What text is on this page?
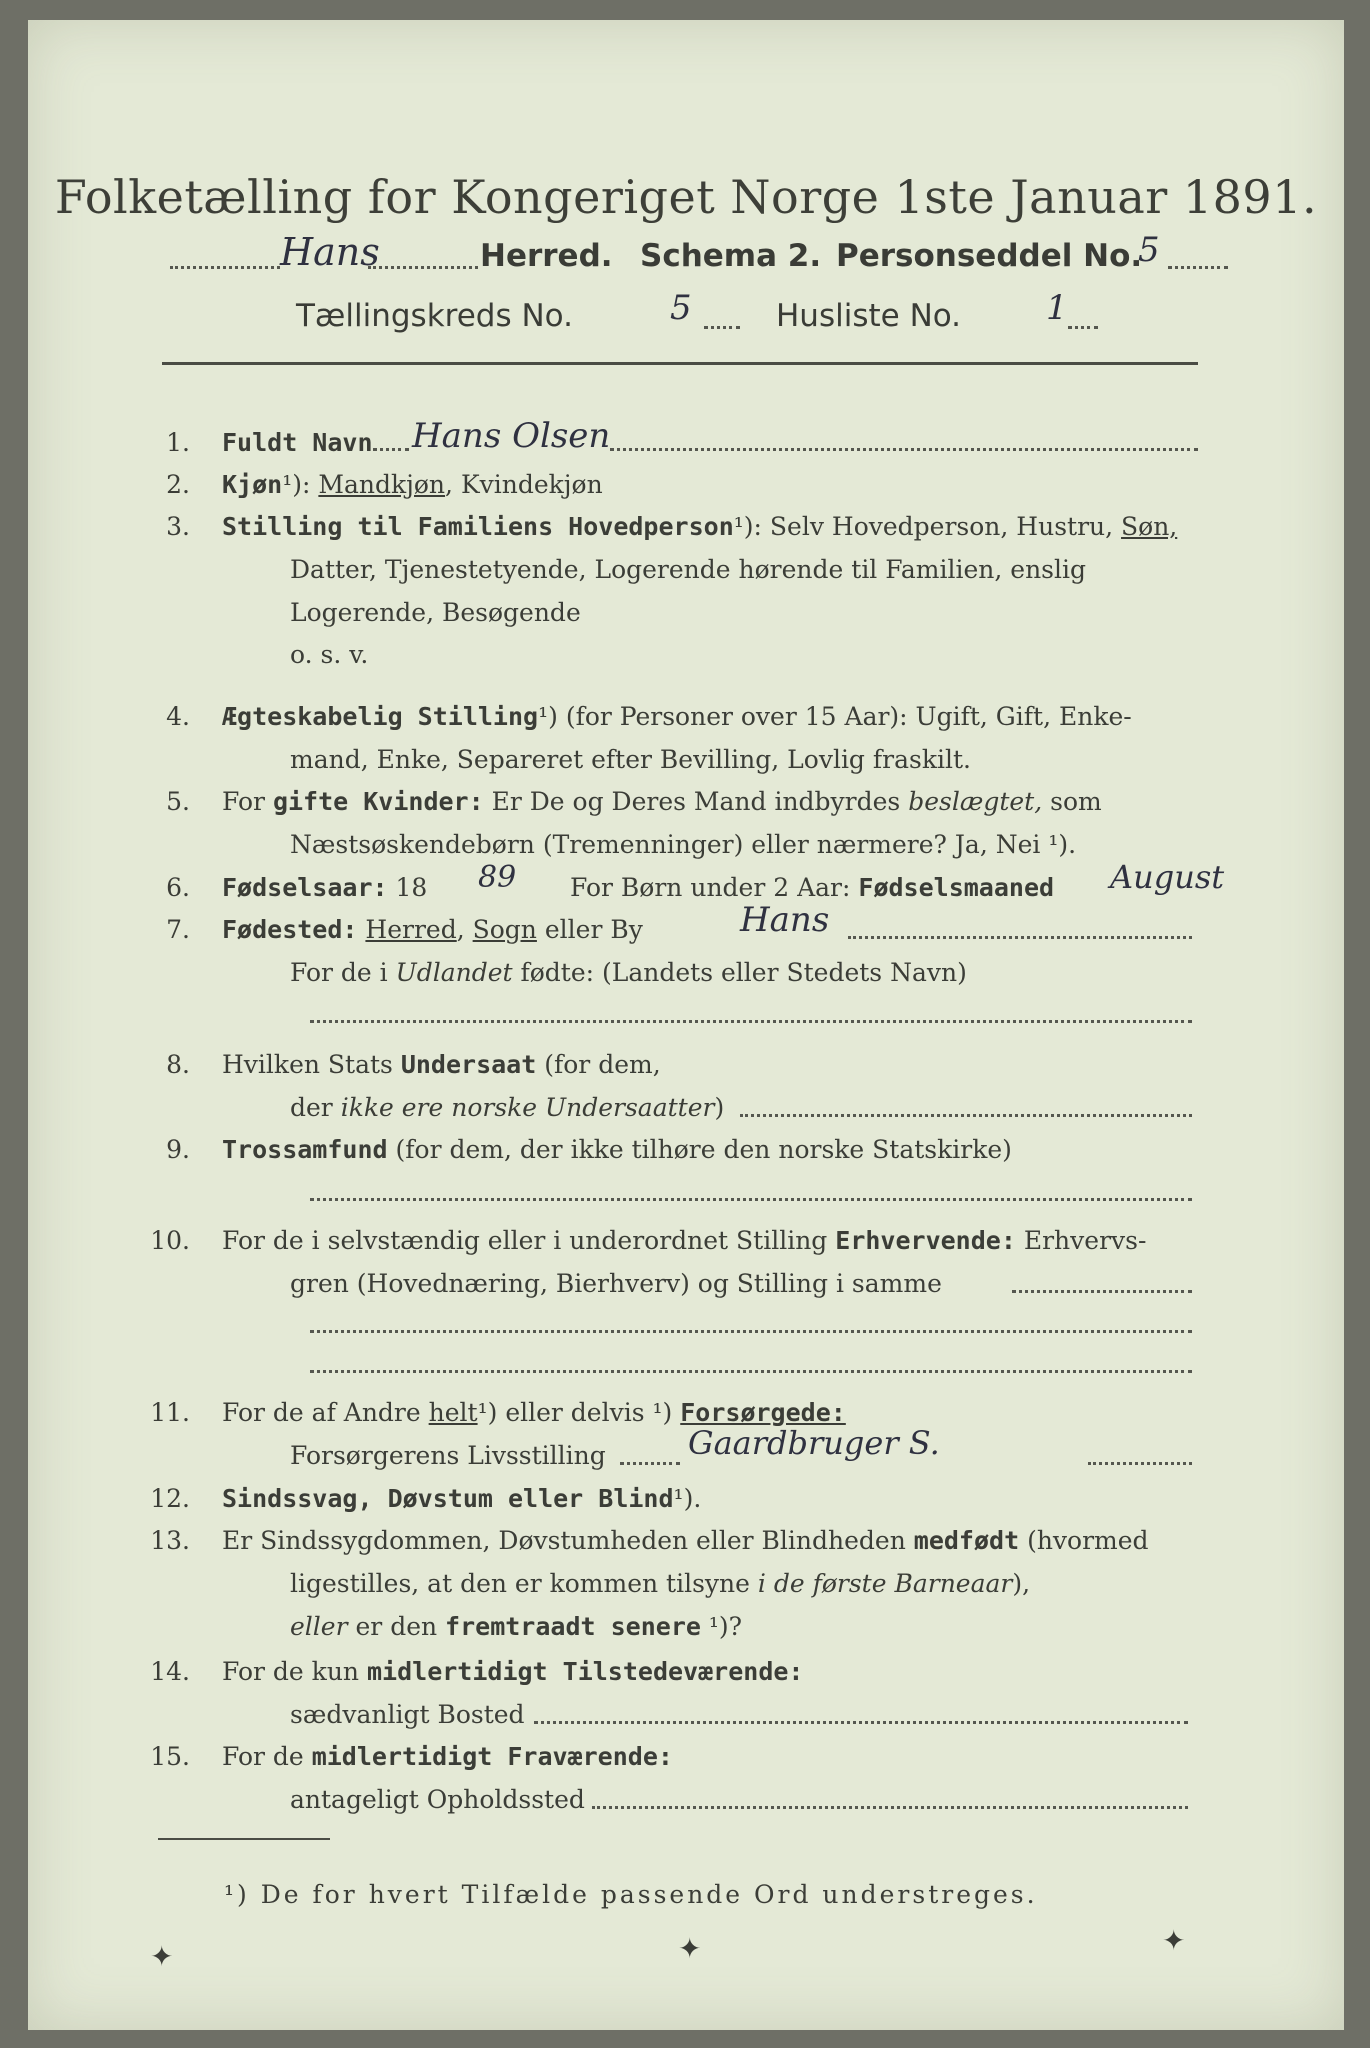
Folketælling for Kongeriget Norge 1ste Januar 1891.
Hans	Herred. Schema 2. Personseddel No.
5
Tællingskreds No.	5	Husliste No. 1
1. Fuldt Navn Hans Olsen
2. Kjøn¹): Mandkjøn, Kvindekjøn
3. Stilling til Familiens Hovedperson¹): Selv Hovedperson, Hustru, Søn,
Datter, Tjenestetyende, Logerende hørende til Familien, enslig
Logerende, Besøgende
o. s. v.
4. Ægteskabelig Stilling¹) (for Personer over 15 Aar): Ugift, Gift, Enke-
mand, Enke, Separeret efter Bevilling, Lovlig fraskilt.
5. For gifte Kvinder: Er De og Deres Mand indbyrdes beslægtet, som
Næstsøskendebørn (Tremenninger) eller nærmere? Ja, Nei ¹).
6. Fødselsaar: 18 89 For Børn under 2 Aar: Fødselsmaaned August
7. Fødested: Herred, Sogn eller By	Hans
For de i Udlandet fødte: (Landets eller Stedets Navn)
8. Hvilken Stats Undersaat (for dem,
der ikke ere norske Undersaatter)
9. Trossamfund (for dem, der ikke tilhøre den norske Statskirke)
10. For de i selvstændig eller i underordnet Stilling Erhvervende: Erhvervs-
gren (Hovednæring, Bierhverv) og Stilling i samme
11. For de af Andre helt¹) eller delvis ¹) Forsørgede:
Forsørgerens Livsstilling	Gaardbruger S.
12. Sindssvag, Døvstum eller Blind¹).
13. Er Sindssygdommen, Døvstumheden eller Blindheden medfødt (hvormed
ligestilles, at den er kommen tilsyne i de første Barneaar),
eller er den fremtraadt senere ¹)?
14. For de kun midlertidigt Tilstedeværende:
sædvanligt Bosted
15. For de midlertidigt Fraværende:
antageligt Opholdssted
¹) De for hvert Tilfælde passende Ord understreges.
✦	✦	✦
